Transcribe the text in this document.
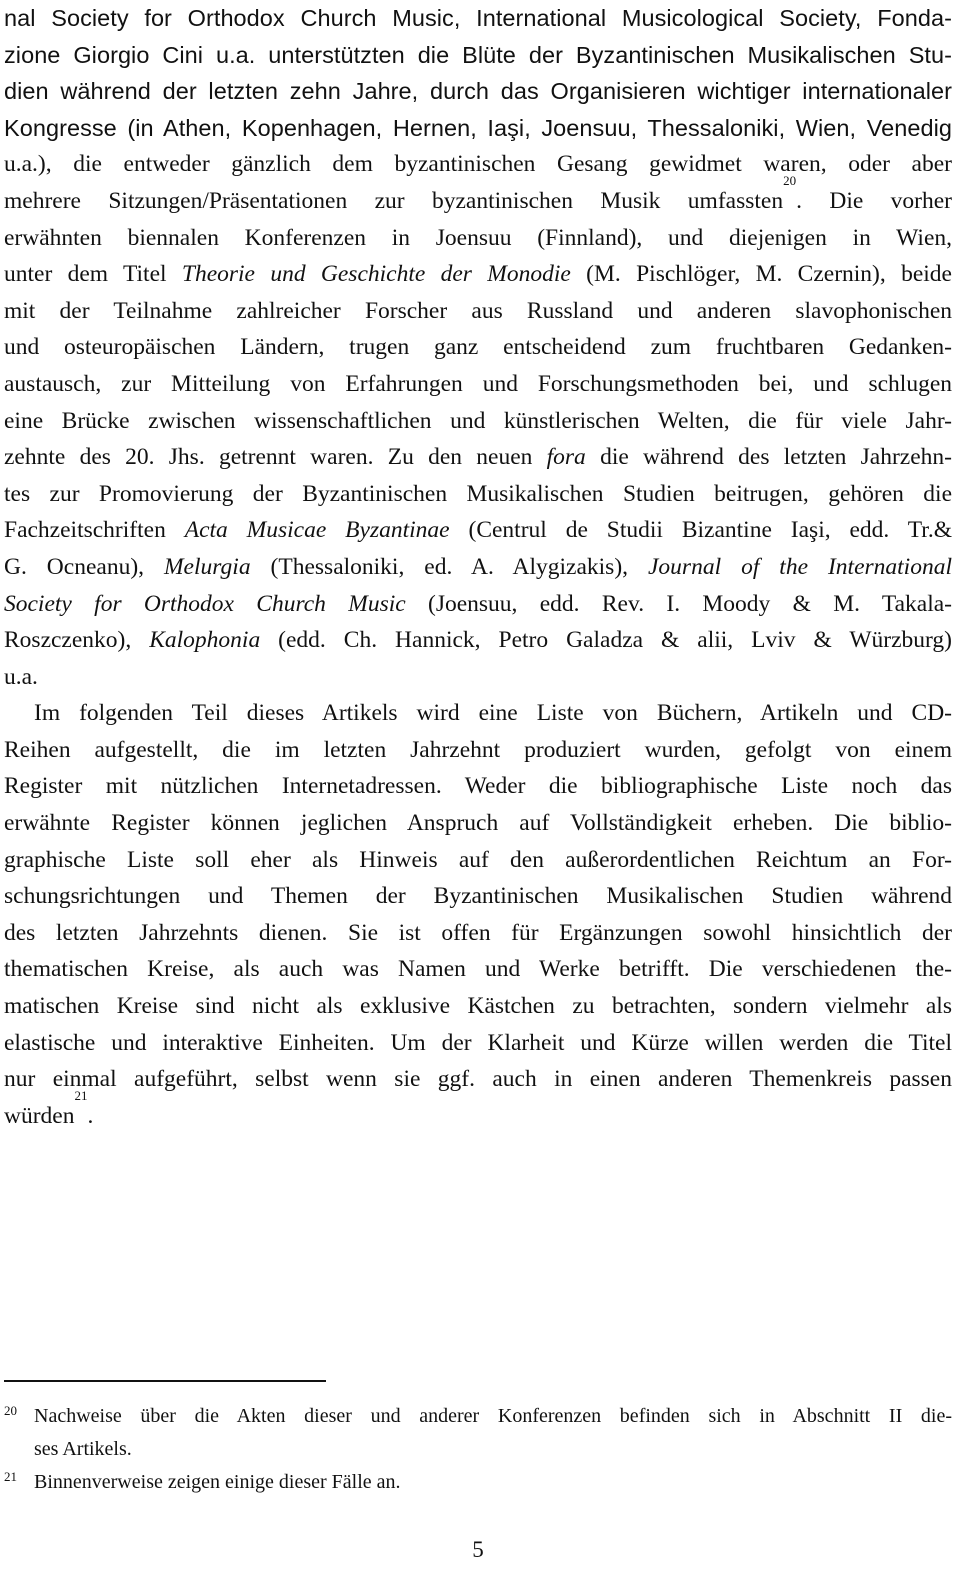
nal Society for Orthodox Church Music, International Musicological Society, Fonda-
zione Giorgio Cini u.a. unterstützten die Blüte der Byzantinischen Musikalischen Stu-
dien während der letzten zehn Jahre, durch das Organisieren wichtiger internationaler
Kongresse (in Athen, Kopenhagen, Hernen, Iaşi, Joensuu, Thessaloniki, Wien, Venedig
u.a.), die entweder gänzlich dem byzantinischen Gesang gewidmet waren, oder aber
mehrere Sitzungen/Präsentationen zur byzantinischen Musik umfassten$^{20}$. Die vorher
erwähnten biennalen Konferenzen in Joensuu (Finnland), und diejenigen in Wien,
unter dem Titel Theorie und Geschichte der Monodie (M. Pischlöger, M. Czernin), beide
mit der Teilnahme zahlreicher Forscher aus Russland und anderen slavophonischen
und osteuropäischen Ländern, trugen ganz entscheidend zum fruchtbaren Gedanken-
austausch, zur Mitteilung von Erfahrungen und Forschungsmethoden bei, und schlugen
eine Brücke zwischen wissenschaftlichen und künstlerischen Welten, die für viele Jahr-
zehnte des 20. Jhs. getrennt waren. Zu den neuen fora die während des letzten Jahrzehn-
tes zur Promovierung der Byzantinischen Musikalischen Studien beitrugen, gehören die
Fachzeitschriften Acta Musicae Byzantinae (Centrul de Studii Bizantine Iaşi, edd. Tr.&
G. Ocneanu), Melurgia (Thessaloniki, ed. A. Alygizakis), Journal of the International
Society for Orthodox Church Music (Joensuu, edd. Rev. I. Moody & M. Takala-
Roszczenko), Kalophonia (edd. Ch. Hannick, Petro Galadza & alii, Lviv & Würzburg)
u.a.
Im folgenden Teil dieses Artikels wird eine Liste von Büchern, Artikeln und CD-
Reihen aufgestellt, die im letzten Jahrzehnt produziert wurden, gefolgt von einem
Register mit nützlichen Internetadressen. Weder die bibliographische Liste noch das
erwähnte Register können jeglichen Anspruch auf Vollständigkeit erheben. Die biblio-
graphische Liste soll eher als Hinweis auf den außerordentlichen Reichtum an For-
schungsrichtungen und Themen der Byzantinischen Musikalischen Studien während
des letzten Jahrzehnts dienen. Sie ist offen für Ergänzungen sowohl hinsichtlich der
thematischen Kreise, als auch was Namen und Werke betrifft. Die verschiedenen the-
matischen Kreise sind nicht als exklusive Kästchen zu betrachten, sondern vielmehr als
elastische und interaktive Einheiten. Um der Klarheit und Kürze willen werden die Titel
nur einmal aufgeführt, selbst wenn sie ggf. auch in einen anderen Themenkreis passen
würden$^{21}$.
20 Nachweise über die Akten dieser und anderer Konferenzen befinden sich in Abschnitt II die-
ses Artikels.
21 Binnenverweise zeigen einige dieser Fälle an.
5
